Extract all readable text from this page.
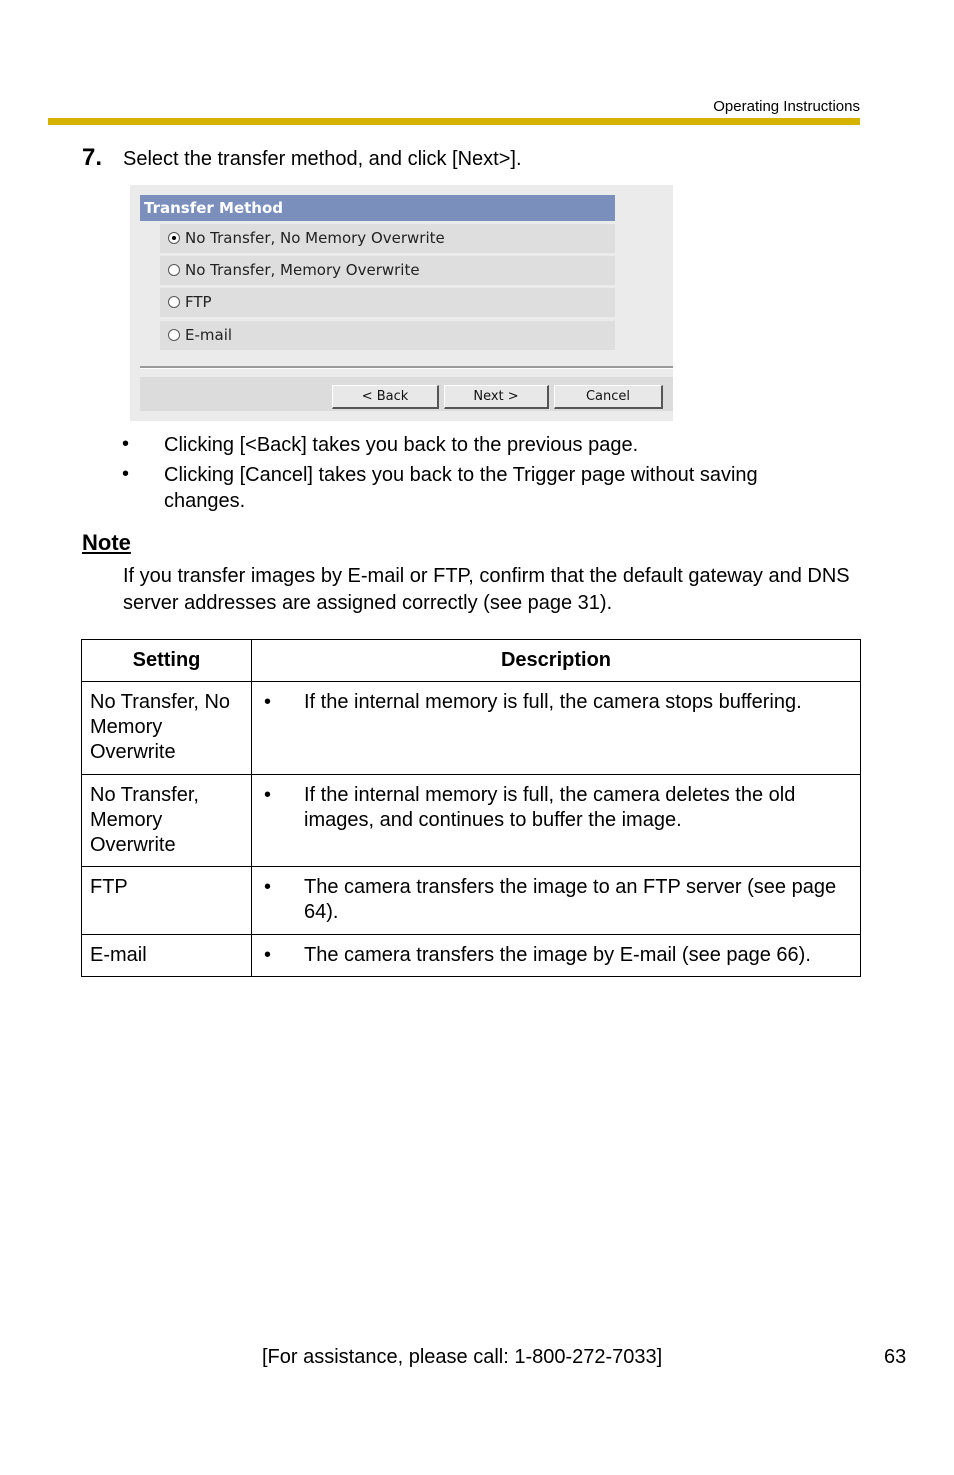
Operating Instructions
7. Select the transfer method, and click [Next>].
Transfer Method
No Transfer, No Memory Overwrite
No Transfer, Memory Overwrite
FTP
E-mail
< Back	Next >	Cancel
• Clicking [<Back] takes you back to the previous page.
• Clicking [Cancel] takes you back to the Trigger page without saving changes.
Note
If you transfer images by E-mail or FTP, confirm that the default gateway and DNS server addresses are assigned correctly (see page 31).
Setting	Description
No Transfer, No Memory Overwrite	• If the internal memory is full, the camera stops buffering.

No Transfer, Memory Overwrite	• If the internal memory is full, the camera deletes the old images, and continues to buffer the image.

FTP	• The camera transfers the image to an FTP server (see page 64).

E-mail	• The camera transfers the image by E-mail (see page 66).
[For assistance, please call: 1-800-272-7033]	63
